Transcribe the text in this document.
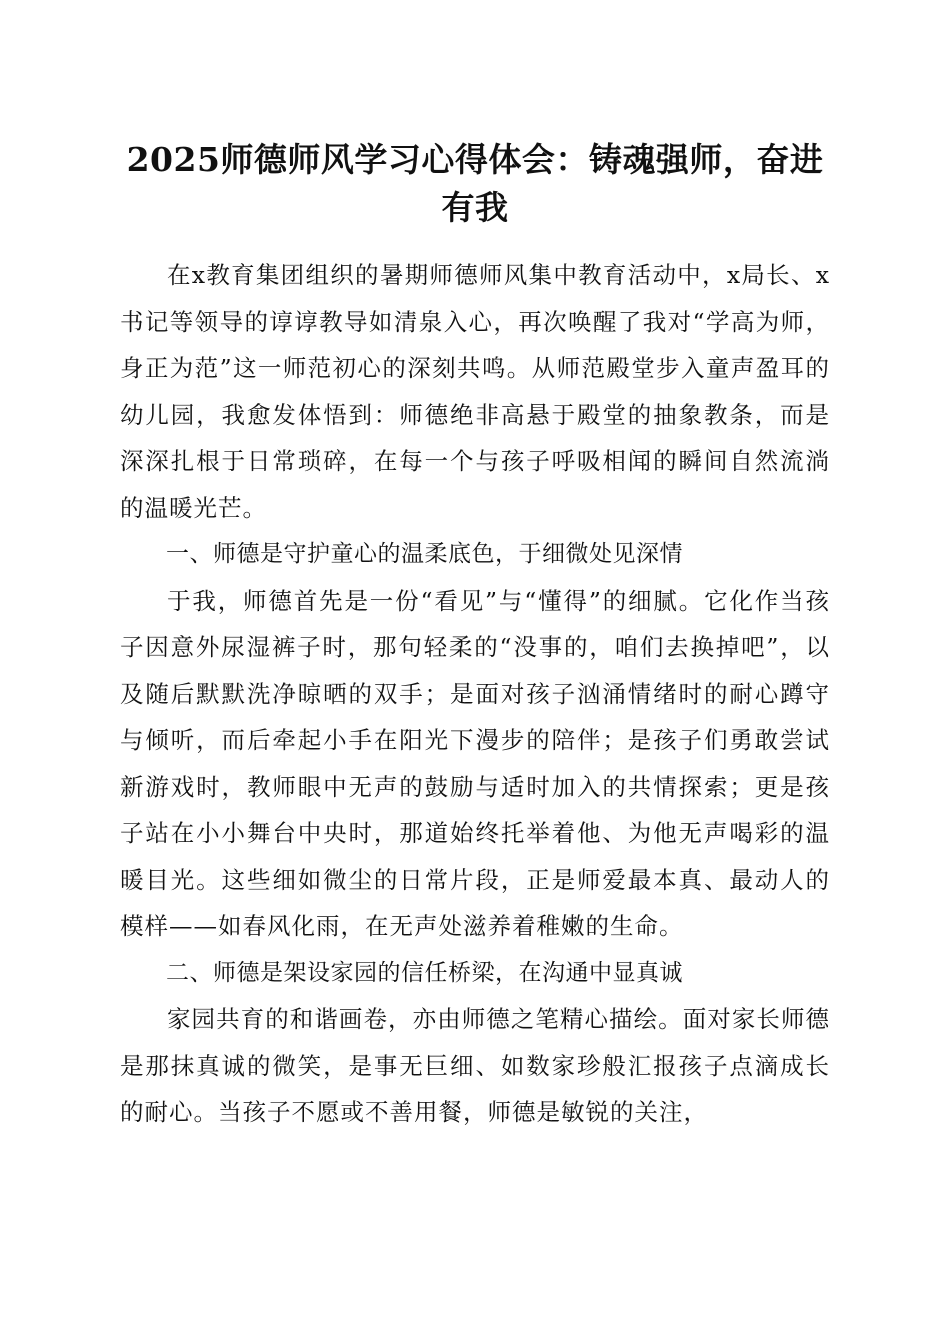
2025师德师风学习心得体会：铸魂强师，奋进有我

在x教育集团组织的暑期师德师风集中教育活动中，x局长、x书记等领导的谆谆教导如清泉入心，再次唤醒了我对“学高为师，身正为范”这一师范初心的深刻共鸣。从师范殿堂步入童声盈耳的幼儿园，我愈发体悟到：师德绝非高悬于殿堂的抽象教条，而是深深扎根于日常琐碎，在每一个与孩子呼吸相闻的瞬间自然流淌的温暖光芒。

一、师德是守护童心的温柔底色，于细微处见深情

于我，师德首先是一份“看见”与“懂得”的细腻。它化作当孩子因意外尿湿裤子时，那句轻柔的“没事的，咱们去换掉吧”，以及随后默默洗净晾晒的双手；是面对孩子汹涌情绪时的耐心蹲守与倾听，而后牵起小手在阳光下漫步的陪伴；是孩子们勇敢尝试新游戏时，教师眼中无声的鼓励与适时加入的共情探索；更是孩子站在小小舞台中央时，那道始终托举着他、为他无声喝彩的温暖目光。这些细如微尘的日常片段，正是师爱最本真、最动人的模样——如春风化雨，在无声处滋养着稚嫩的生命。

二、师德是架设家园的信任桥梁，在沟通中显真诚

家园共育的和谐画卷，亦由师德之笔精心描绘。面对家长师德是那抹真诚的微笑，是事无巨细、如数家珍般汇报孩子点滴成长的耐心。当孩子不愿或不善用餐，师德是敏锐的关注，
